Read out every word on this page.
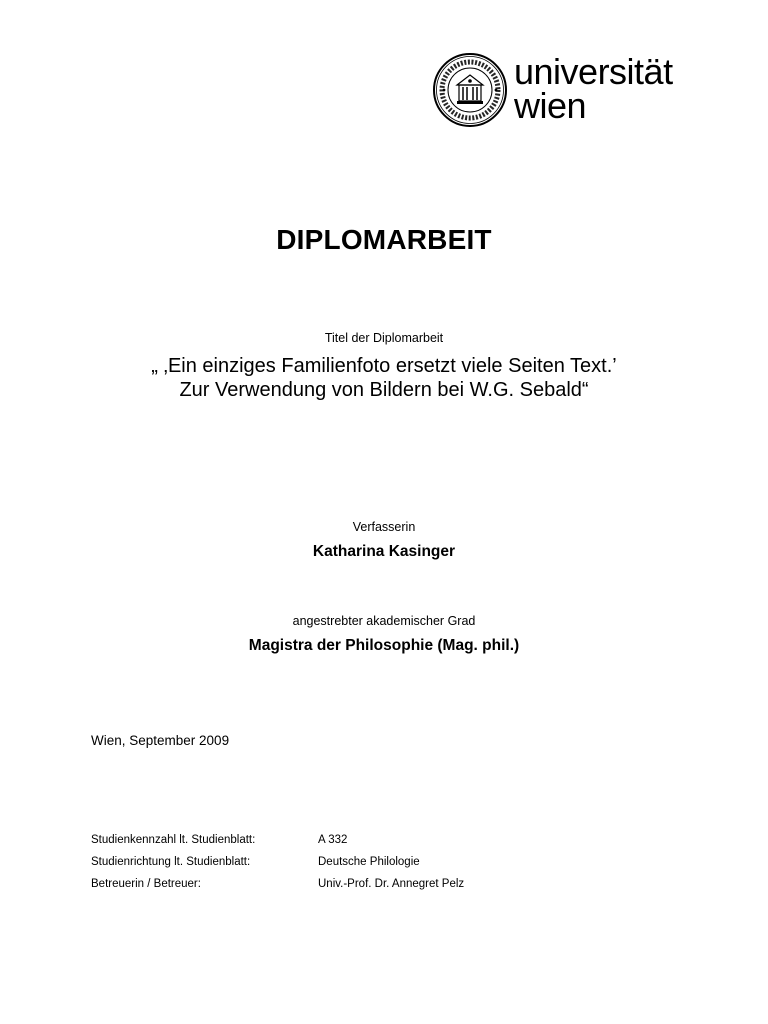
universität
wien
DIPLOMARBEIT
Titel der Diplomarbeit
„ ‚Ein einziges Familienfoto ersetzt viele Seiten Text.’
Zur Verwendung von Bildern bei W.G. Sebald“
Verfasserin
Katharina Kasinger
angestrebter akademischer Grad
Magistra der Philosophie (Mag. phil.)
Wien, September 2009
Studienkennzahl lt. Studienblatt:	A 332
Studienrichtung lt. Studienblatt:	Deutsche Philologie
Betreuerin / Betreuer:	Univ.-Prof. Dr. Annegret Pelz
